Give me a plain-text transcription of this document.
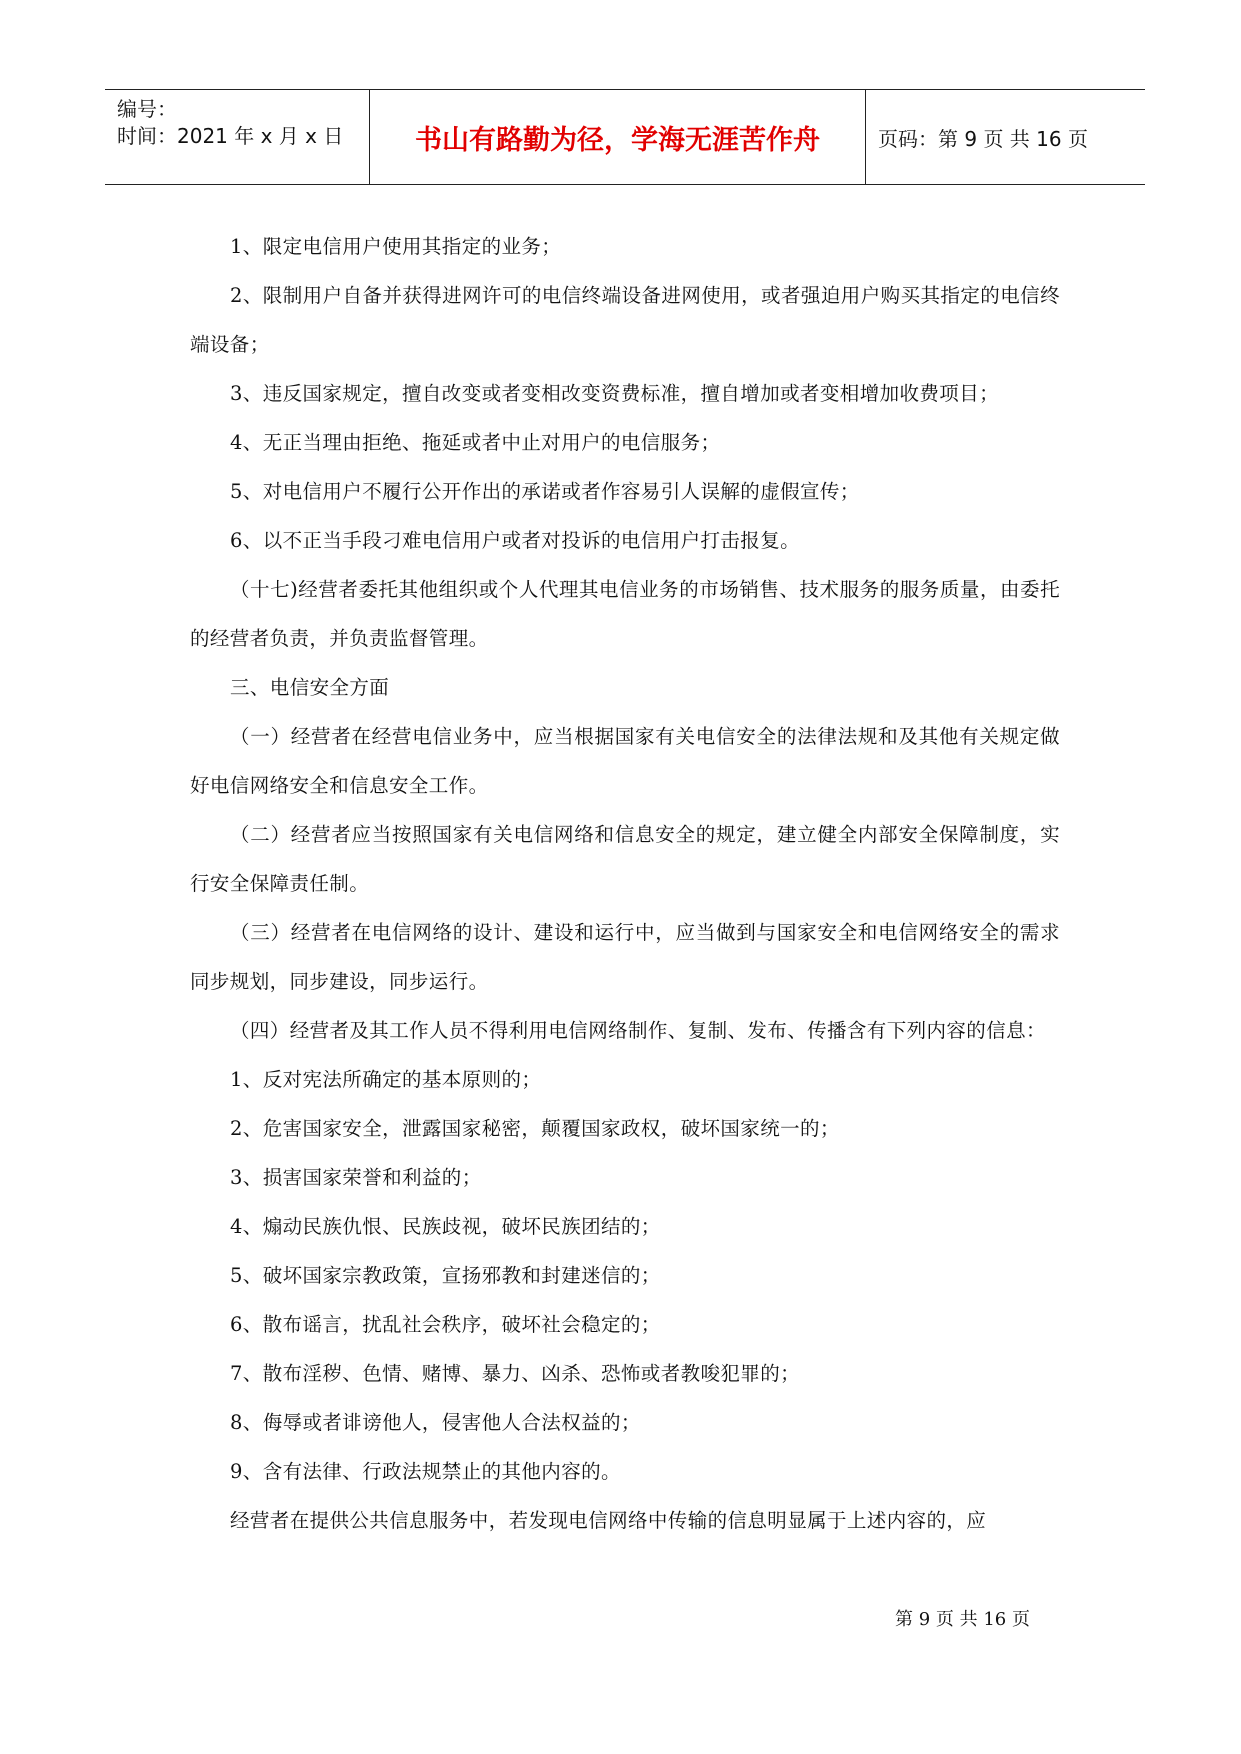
编号：
时间：2021 年 x 月 x 日	书山有路勤为径，学海无涯苦作舟	页码：第 9 页 共 16 页

1、限定电信用户使用其指定的业务；

2、限制用户自备并获得进网许可的电信终端设备进网使用，或者强迫用户购买其指定的电信终端设备；

3、违反国家规定，擅自改变或者变相改变资费标准，擅自增加或者变相增加收费项目；

4、无正当理由拒绝、拖延或者中止对用户的电信服务；

5、对电信用户不履行公开作出的承诺或者作容易引人误解的虚假宣传；

6、以不正当手段刁难电信用户或者对投诉的电信用户打击报复。

（十七)经营者委托其他组织或个人代理其电信业务的市场销售、技术服务的服务质量，由委托的经营者负责，并负责监督管理。

三、电信安全方面

（一）经营者在经营电信业务中，应当根据国家有关电信安全的法律法规和及其他有关规定做好电信网络安全和信息安全工作。

（二）经营者应当按照国家有关电信网络和信息安全的规定，建立健全内部安全保障制度，实行安全保障责任制。

（三）经营者在电信网络的设计、建设和运行中，应当做到与国家安全和电信网络安全的需求同步规划，同步建设，同步运行。

（四）经营者及其工作人员不得利用电信网络制作、复制、发布、传播含有下列内容的信息：

1、反对宪法所确定的基本原则的；

2、危害国家安全，泄露国家秘密，颠覆国家政权，破坏国家统一的；

3、损害国家荣誉和利益的；

4、煽动民族仇恨、民族歧视，破坏民族团结的；

5、破坏国家宗教政策，宣扬邪教和封建迷信的；

6、散布谣言，扰乱社会秩序，破坏社会稳定的；

7、散布淫秽、色情、赌博、暴力、凶杀、恐怖或者教唆犯罪的；

8、侮辱或者诽谤他人，侵害他人合法权益的；

9、含有法律、行政法规禁止的其他内容的。

经营者在提供公共信息服务中，若发现电信网络中传输的信息明显属于上述内容的，应

第 9 页 共 16 页
